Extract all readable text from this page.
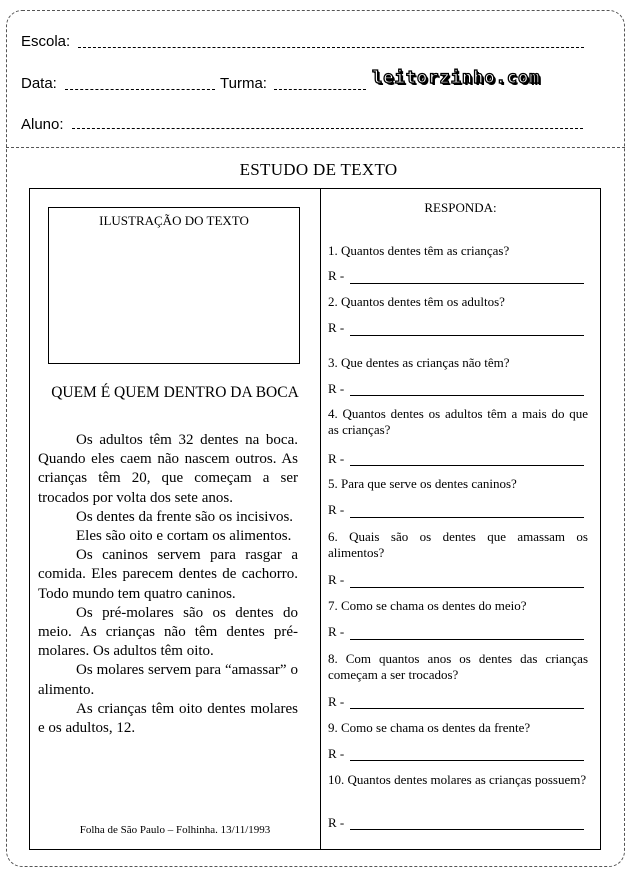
Escola:
Data:	Turma:	leitorzinho.com
Aluno:
ESTUDO DE TEXTO
ILUSTRAÇÃO DO TEXTO
QUEM É QUEM DENTRO DA BOCA

Os adultos têm 32 dentes na boca. Quando eles caem não nascem outros. As crianças têm 20, que começam a ser trocados por volta dos sete anos.

Os dentes da frente são os incisivos.

Eles são oito e cortam os alimentos.

Os caninos servem para rasgar a comida. Eles parecem dentes de cachorro. Todo mundo tem quatro caninos.

Os pré-molares são os dentes do meio. As crianças não têm dentes pré-molares. Os adultos têm oito.

Os molares servem para “amassar” o alimento.

As crianças têm oito dentes molares e os adultos, 12.

Folha de São Paulo – Folhinha. 13/11/1993
RESPONDA:
1. Quantos dentes têm as crianças?
R -
2. Quantos dentes têm os adultos?
R -
3. Que dentes as crianças não têm?
R -
4. Quantos dentes os adultos têm a mais do que as crianças?
R -
5. Para que serve os dentes caninos?
R -
6. Quais são os dentes que amassam os alimentos?
R -
7. Como se chama os dentes do meio?
R -
8. Com quantos anos os dentes das crianças começam a ser trocados?
R -
9. Como se chama os dentes da frente?
R -
10. Quantos dentes molares as crianças possuem?
R -
